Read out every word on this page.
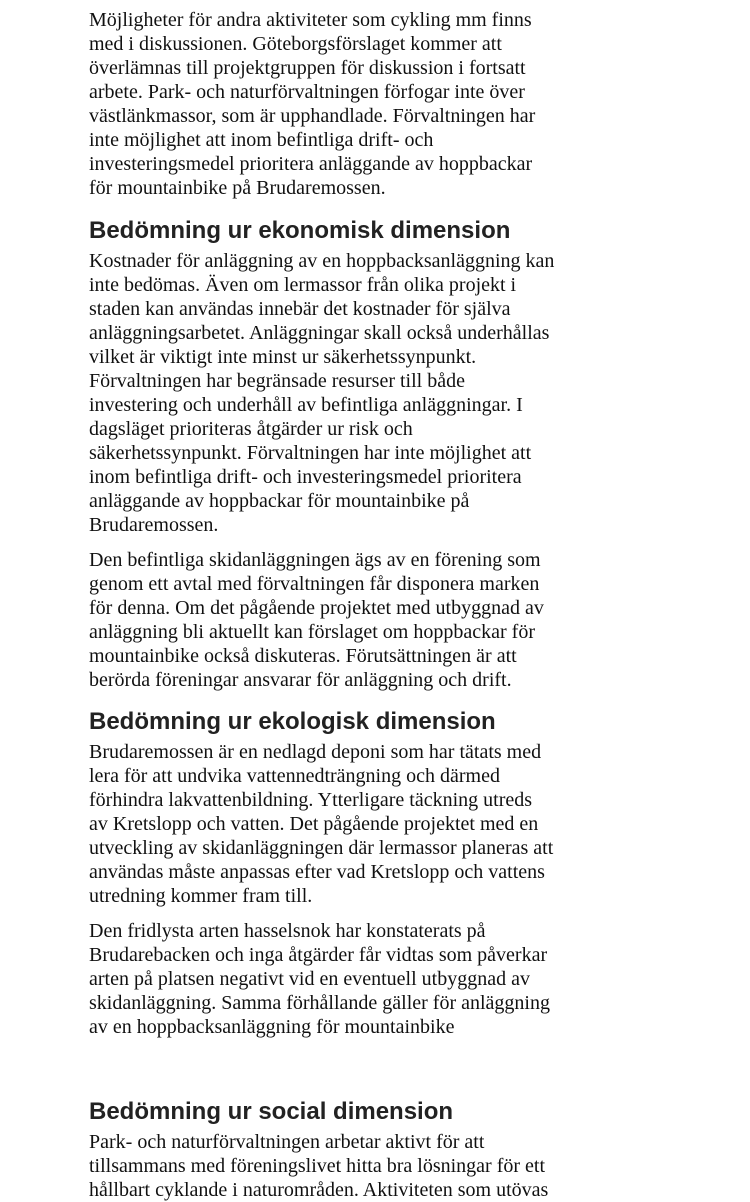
Möjligheter för andra aktiviteter som cykling mm finns
med i diskussionen. Göteborgsförslaget kommer att
överlämnas till projektgruppen för diskussion i fortsatt
arbete. Park- och naturförvaltningen förfogar inte över
västlänkmassor, som är upphandlade. Förvaltningen har
inte möjlighet att inom befintliga drift- och
investeringsmedel prioritera anläggande av hoppbackar
för mountainbike på Brudaremossen.

Bedömning ur ekonomisk dimension

Kostnader för anläggning av en hoppbacksanläggning kan
inte bedömas. Även om lermassor från olika projekt i
staden kan användas innebär det kostnader för själva
anläggningsarbetet. Anläggningar skall också underhållas
vilket är viktigt inte minst ur säkerhetssynpunkt.
Förvaltningen har begränsade resurser till både
investering och underhåll av befintliga anläggningar. I
dagsläget prioriteras åtgärder ur risk och
säkerhetssynpunkt. Förvaltningen har inte möjlighet att
inom befintliga drift- och investeringsmedel prioritera
anläggande av hoppbackar för mountainbike på
Brudaremossen.

Den befintliga skidanläggningen ägs av en förening som
genom ett avtal med förvaltningen får disponera marken
för denna. Om det pågående projektet med utbyggnad av
anläggning bli aktuellt kan förslaget om hoppbackar för
mountainbike också diskuteras. Förutsättningen är att
berörda föreningar ansvarar för anläggning och drift.

Bedömning ur ekologisk dimension

Brudaremossen är en nedlagd deponi som har tätats med
lera för att undvika vattennedträngning och därmed
förhindra lakvattenbildning. Ytterligare täckning utreds
av Kretslopp och vatten. Det pågående projektet med en
utveckling av skidanläggningen där lermassor planeras att
användas måste anpassas efter vad Kretslopp och vattens
utredning kommer fram till.

Den fridlysta arten hasselsnok har konstaterats på
Brudarebacken och inga åtgärder får vidtas som påverkar
arten på platsen negativt vid en eventuell utbyggnad av
skidanläggning. Samma förhållande gäller för anläggning
av en hoppbacksanläggning för mountainbike

Bedömning ur social dimension

Park- och naturförvaltningen arbetar aktivt för att
tillsammans med föreningslivet hitta bra lösningar för ett
hållbart cyklande i naturområden. Aktiviteten som utövas
